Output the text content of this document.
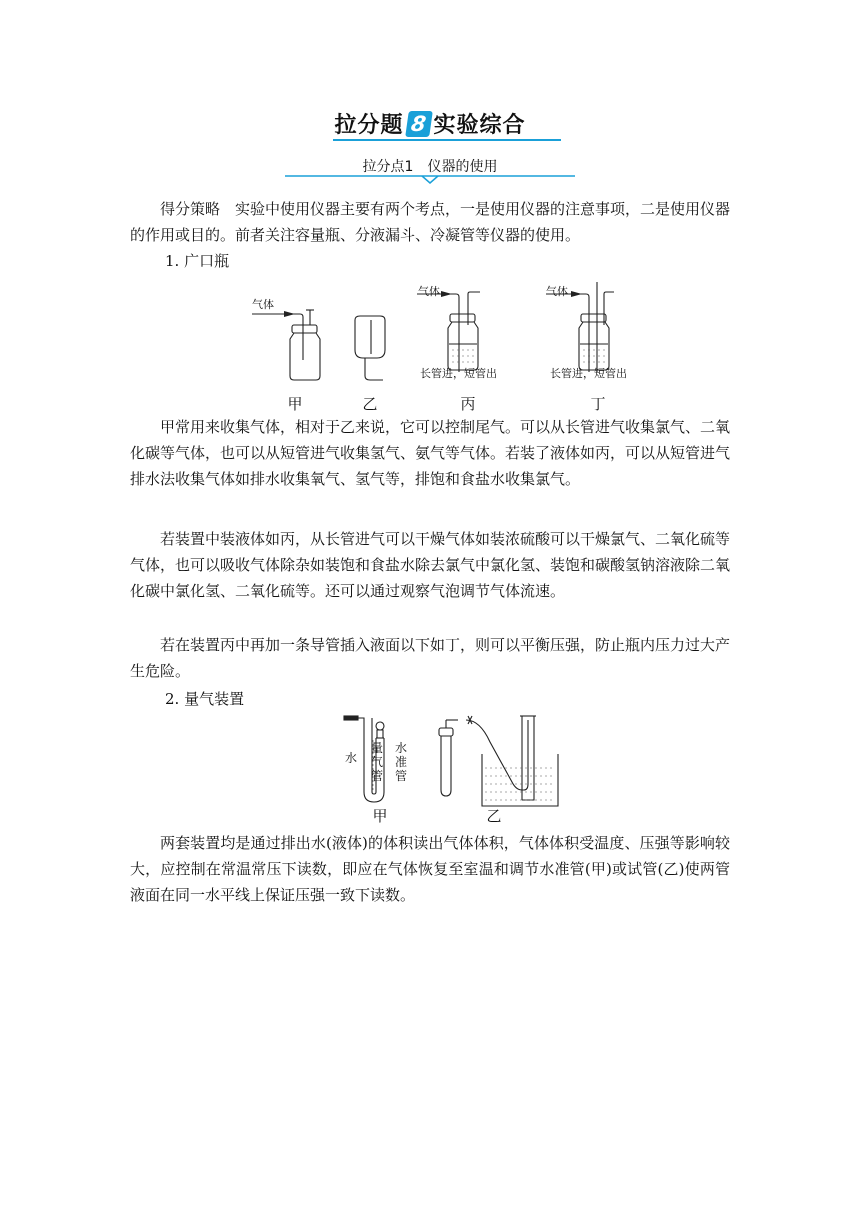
拉分题 8 实验综合
拉分点1 仪器的使用

得分策略　实验中使用仪器主要有两个考点，一是使用仪器的注意事项，二是使用仪器的作用或目的。前者关注容量瓶、分液漏斗、冷凝管等仪器的使用。

1. 广口瓶
气体
气体	气体
长管进，短管出	长管进，短管出
甲	乙	丙	丁

甲常用来收集气体，相对于乙来说，它可以控制尾气。可以从长管进气收集氯气、二氧化碳等气体，也可以从短管进气收集氢气、氨气等气体。若装了液体如丙，可以从短管进气排水法收集气体如排水收集氧气、氢气等，排饱和食盐水收集氯气。

若装置中装液体如丙，从长管进气可以干燥气体如装浓硫酸可以干燥氯气、二氧化硫等气体，也可以吸收气体除杂如装饱和食盐水除去氯气中氯化氢、装饱和碳酸氢钠溶液除二氧化碳中氯化氢、二氧化硫等。还可以通过观察气泡调节气体流速。

若在装置丙中再加一条导管插入液面以下如丁，则可以平衡压强，防止瓶内压力过大产生危险。

2. 量气装置
水
量
气
管
水
准
管
甲	乙

两套装置均是通过排出水(液体)的体积读出气体体积，气体体积受温度、压强等影响较大，应控制在常温常压下读数，即应在气体恢复至室温和调节水准管(甲)或试管(乙)使两管液面在同一水平线上保证压强一致下读数。
